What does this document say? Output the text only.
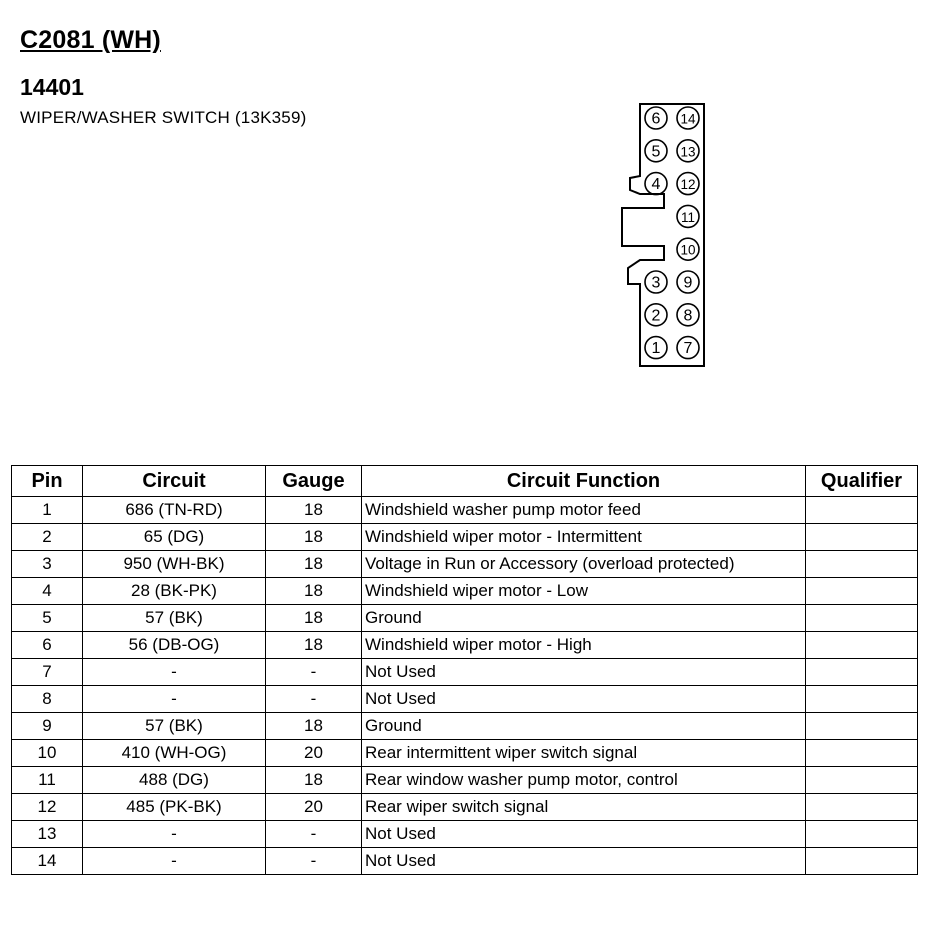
C2081 (WH)
14401
WIPER/WASHER SWITCH (13K359)	6
5
4
3
2
1
14
13
12
11
10
9
8
7
Pin	Circuit	Gauge	Circuit Function	Qualifier
1	686 (TN-RD)	18	Windshield washer pump motor feed	
2	65 (DG)	18	Windshield wiper motor - Intermittent	
3	950 (WH-BK)	18	Voltage in Run or Accessory (overload protected)	
4	28 (BK-PK)	18	Windshield wiper motor - Low	
5	57 (BK)	18	Ground	
6	56 (DB-OG)	18	Windshield wiper motor - High	
7	-	-	Not Used	
8	-	-	Not Used	
9	57 (BK)	18	Ground	
10	410 (WH-OG)	20	Rear intermittent wiper switch signal	
11	488 (DG)	18	Rear window washer pump motor, control	
12	485 (PK-BK)	20	Rear wiper switch signal	
13	-	-	Not Used	
14	-	-	Not Used	
